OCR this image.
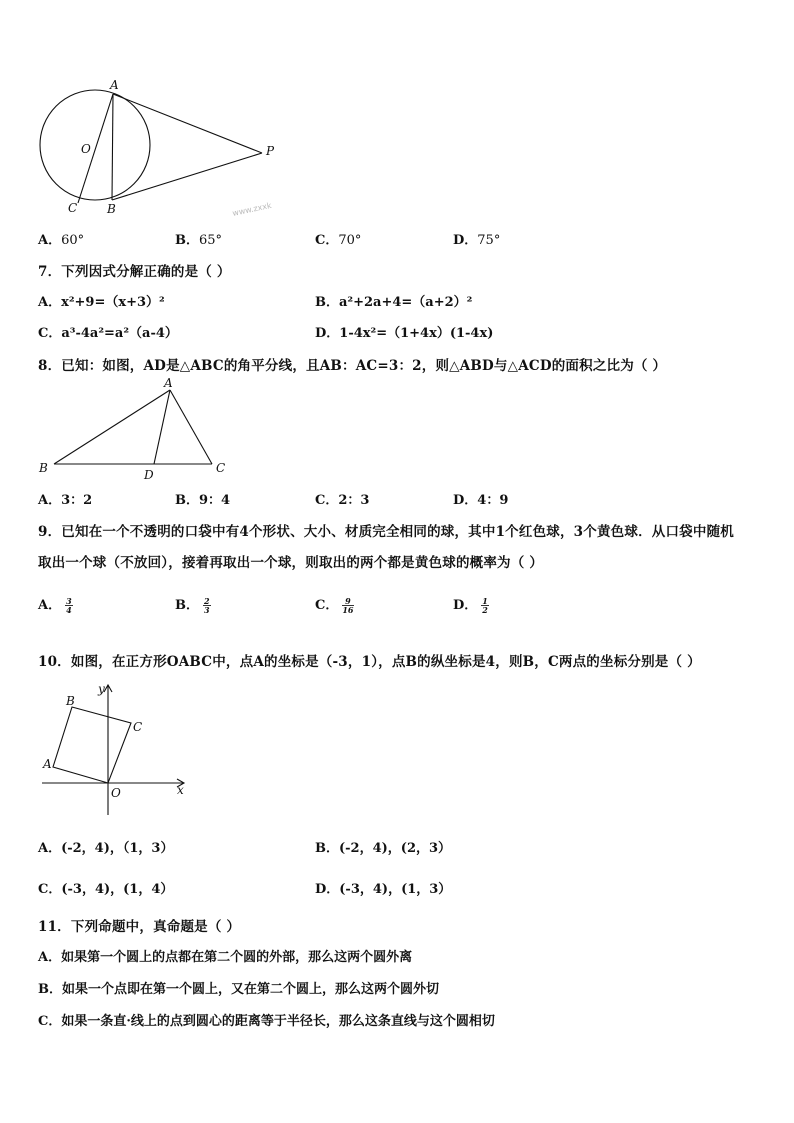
A
O	P
C B	www.zxxk
A．60°	B．65°	C．70°	D．75°
7．下列因式分解正确的是（ ）
A．x²+9=（x+3）²	B．a²+2a+4=（a+2）²
C．a³-4a²=a²（a-4）	D．1-4x²=（1+4x）(1-4x)
8．已知：如图，AD是△ABC的角平分线，且AB：AC=3：2，则△ABD与△ACD的面积之比为（ ）
A
B	D	C
A．3：2	B．9：4	C．2：3	D．4：9
9．已知在一个不透明的口袋中有4个形状、大小、材质完全相同的球，其中1个红色球，3个黄色球．从口袋中随机
取出一个球（不放回），接着再取出一个球，则取出的两个都是黄色球的概率为（ ）
A． $\frac{3}{4}$	B． $\frac{2}{3}$	C． $\frac{9}{16}$	D． $\frac{1}{2}$
10．如图，在正方形OABC中，点A的坐标是（-3，1），点B的纵坐标是4，则B，C两点的坐标分别是（ ）
B
y
C
A
O	x
A．(-2，4)，（1，3）	B．(-2，4)，(2，3）
C．(-3，4)，(1，4）	D．(-3，4)，(1，3）
11．下列命题中，真命题是（ ）
A．如果第一个圆上的点都在第二个圆的外部，那么这两个圆外离
B．如果一个点即在第一个圆上，又在第二个圆上，那么这两个圆外切
C．如果一条直·线上的点到圆心的距离等于半径长，那么这条直线与这个圆相切
